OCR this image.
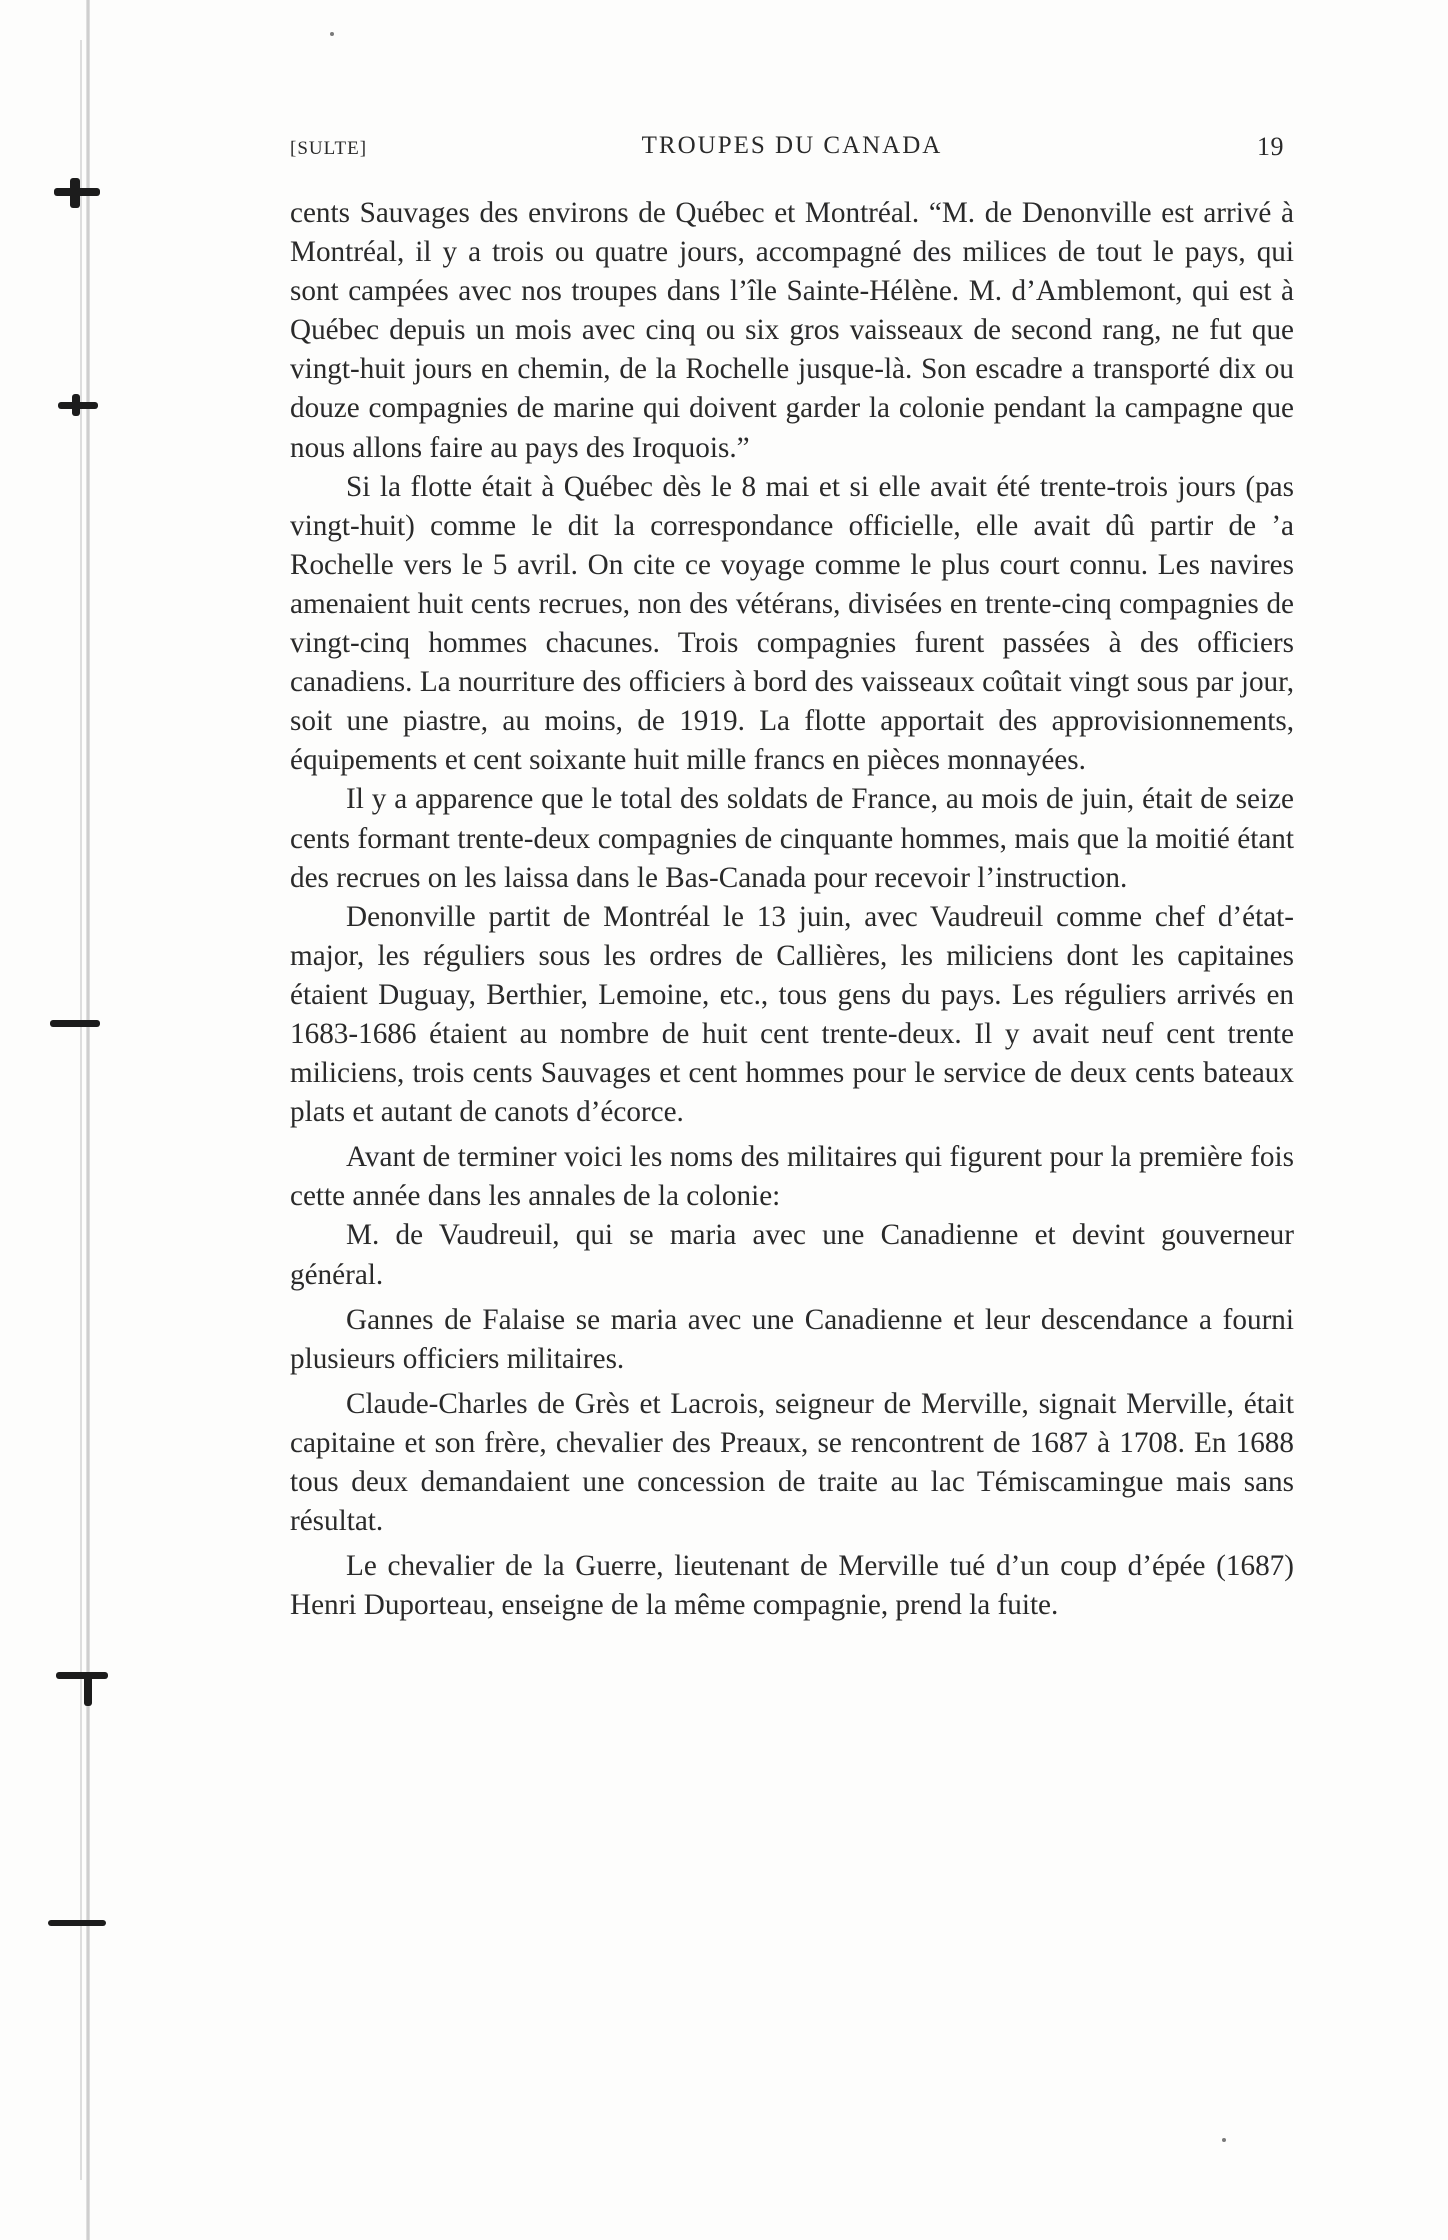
[SULTE]	TROUPES DU CANADA	19

cents Sauvages des environs de Québec et Montréal. “M. de Denonville est arrivé à Montréal, il y a trois ou quatre jours, accompagné des milices de tout le pays, qui sont campées avec nos troupes dans l’île Sainte-Hélène. M. d’Amblemont, qui est à Québec depuis un mois avec cinq ou six gros vaisseaux de second rang, ne fut que vingt-huit jours en chemin, de la Rochelle jusque-là. Son escadre a transporté dix ou douze compagnies de marine qui doivent garder la colonie pendant la campagne que nous allons faire au pays des Iroquois.”

Si la flotte était à Québec dès le 8 mai et si elle avait été trente-trois jours (pas vingt-huit) comme le dit la correspondance officielle, elle avait dû partir de ’a Rochelle vers le 5 avril. On cite ce voyage comme le plus court connu. Les navires amenaient huit cents recrues, non des vétérans, divisées en trente-cinq compagnies de vingt-cinq hommes chacunes. Trois compagnies furent passées à des officiers canadiens. La nourriture des officiers à bord des vaisseaux coûtait vingt sous par jour, soit une piastre, au moins, de 1919. La flotte apportait des approvisionnements, équipements et cent soixante huit mille francs en pièces monnayées.

Il y a apparence que le total des soldats de France, au mois de juin, était de seize cents formant trente-deux compagnies de cinquante hommes, mais que la moitié étant des recrues on les laissa dans le Bas-Canada pour recevoir l’instruction.

Denonville partit de Montréal le 13 juin, avec Vaudreuil comme chef d’état-major, les réguliers sous les ordres de Callières, les miliciens dont les capitaines étaient Duguay, Berthier, Lemoine, etc., tous gens du pays. Les réguliers arrivés en 1683-1686 étaient au nombre de huit cent trente-deux. Il y avait neuf cent trente miliciens, trois cents Sauvages et cent hommes pour le service de deux cents bateaux plats et autant de canots d’écorce.

Avant de terminer voici les noms des militaires qui figurent pour la première fois cette année dans les annales de la colonie:

M. de Vaudreuil, qui se maria avec une Canadienne et devint gouverneur général.

Gannes de Falaise se maria avec une Canadienne et leur descendance a fourni plusieurs officiers militaires.

Claude-Charles de Grès et Lacrois, seigneur de Merville, signait Merville, était capitaine et son frère, chevalier des Preaux, se rencontrent de 1687 à 1708. En 1688 tous deux demandaient une concession de traite au lac Témiscamingue mais sans résultat.

Le chevalier de la Guerre, lieutenant de Merville tué d’un coup d’épée (1687) Henri Duporteau, enseigne de la même compagnie, prend la fuite.
